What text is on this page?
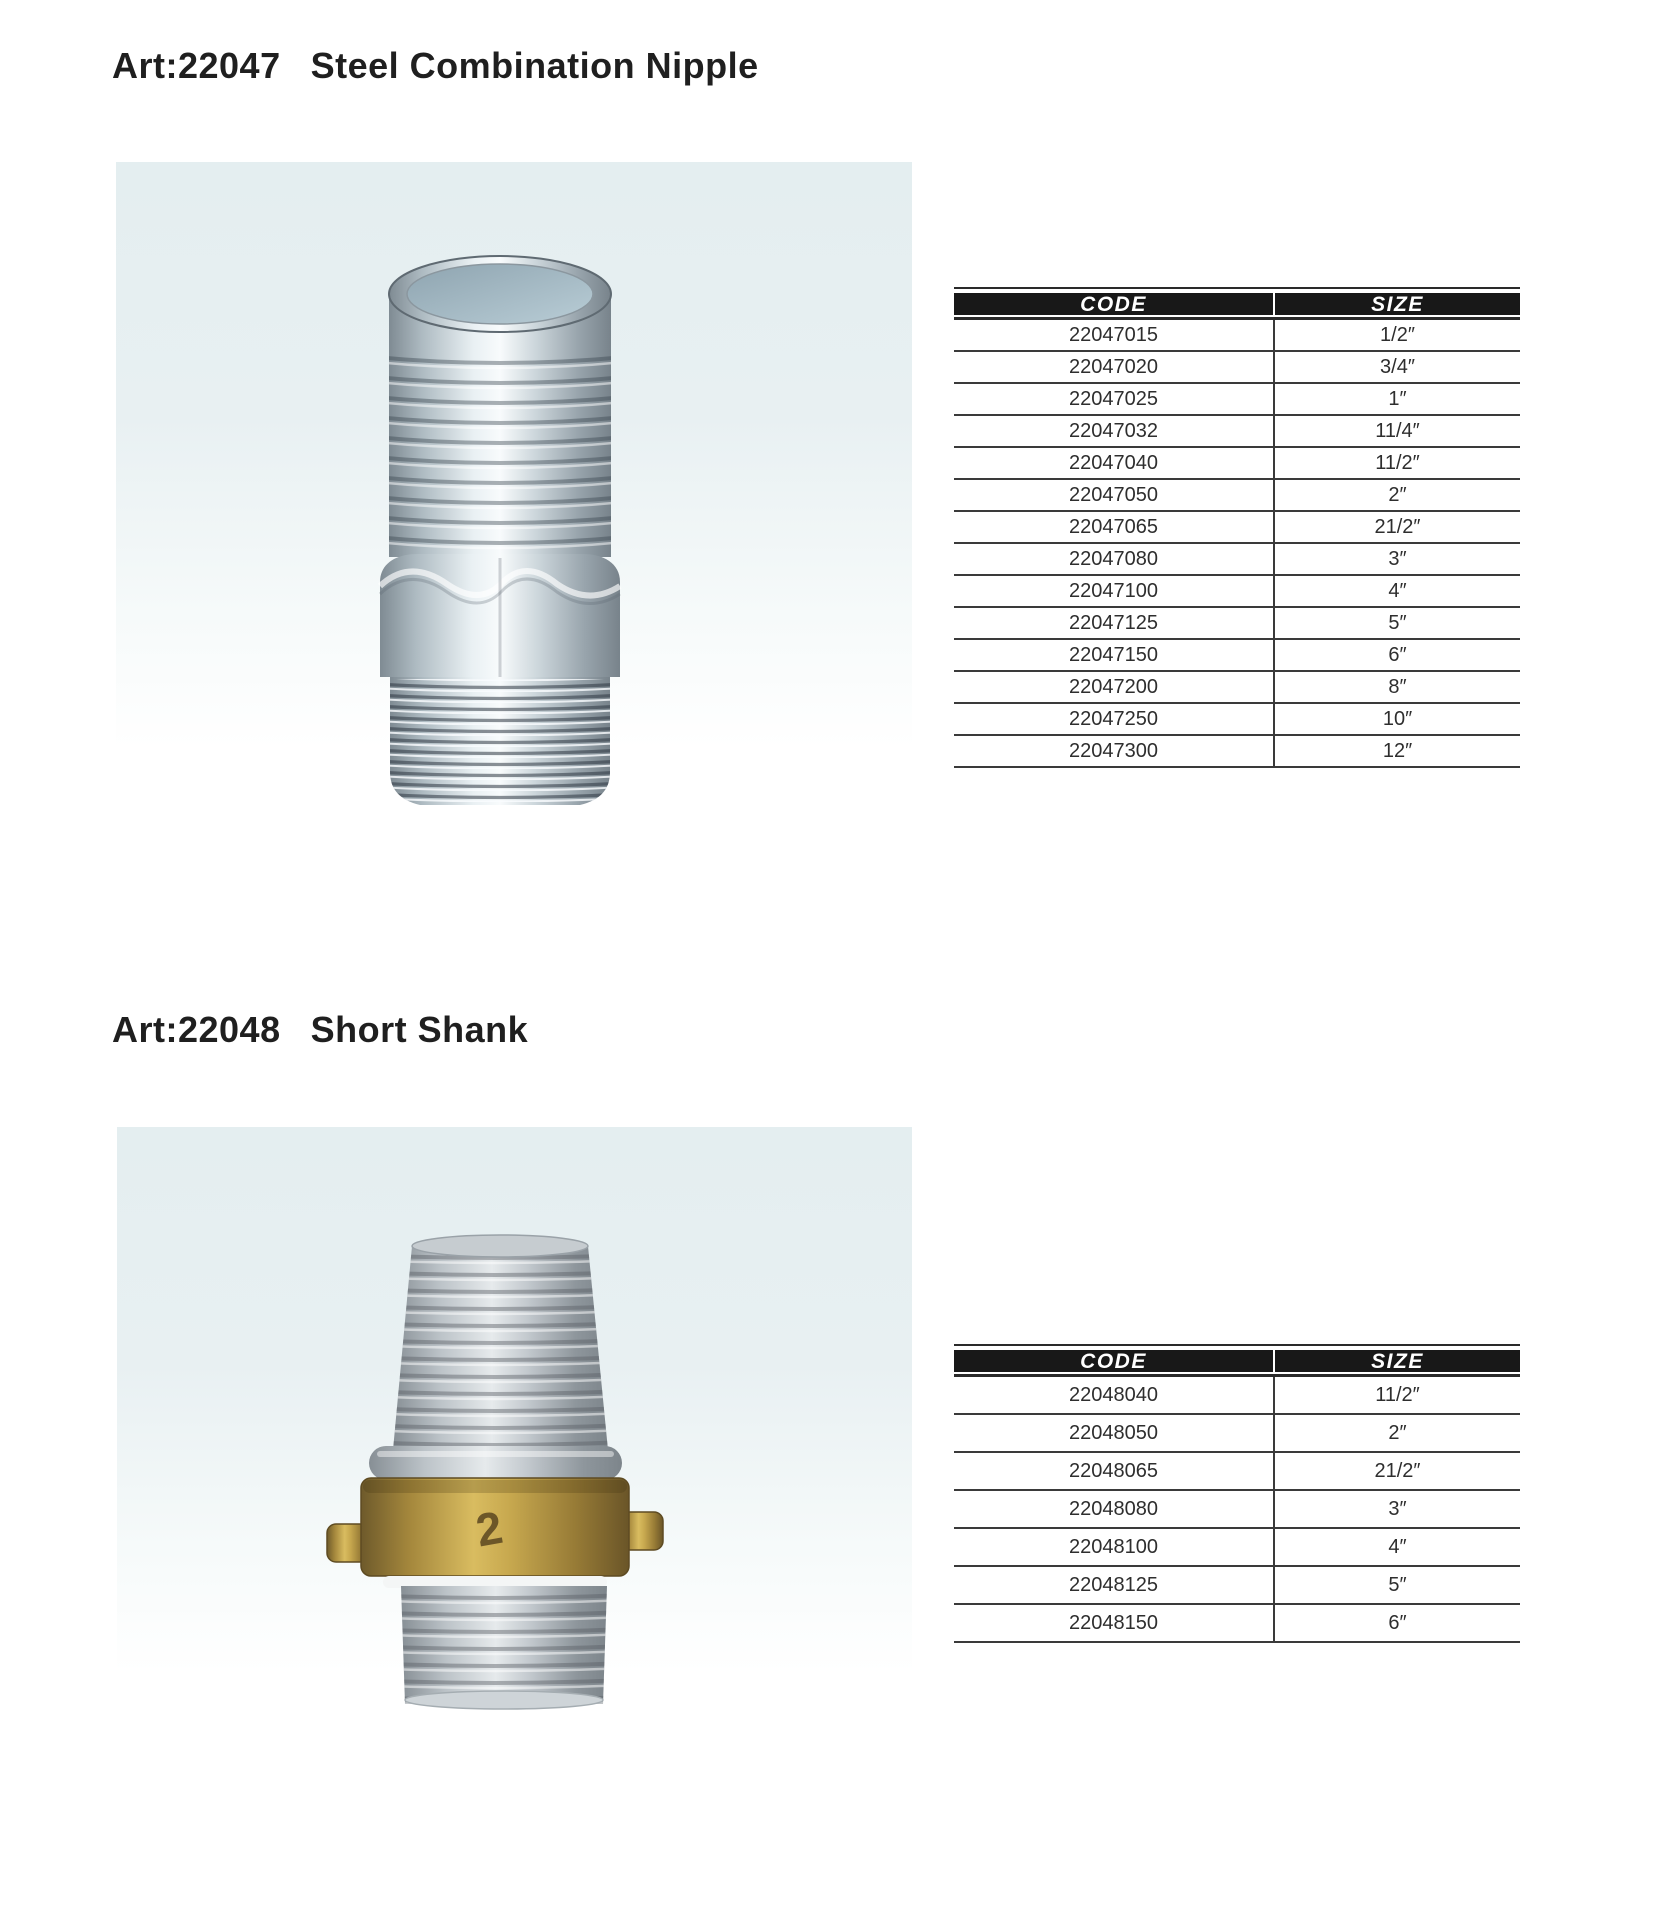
Art:22047 Steel Combination Nipple
CODE	SIZE
22047015	1/2″
22047020	3/4″
22047025	1″
22047032	11/4″
22047040	11/2″
22047050	2″
22047065	21/2″
22047080	3″
22047100	4″
22047125	5″
22047150	6″
22047200	8″
22047250	10″
22047300	12″
Art:22048 Short Shank
2
CODE	SIZE
22048040	11/2″
22048050	2″
22048065	21/2″
22048080	3″
22048100	4″
22048125	5″
22048150	6″
